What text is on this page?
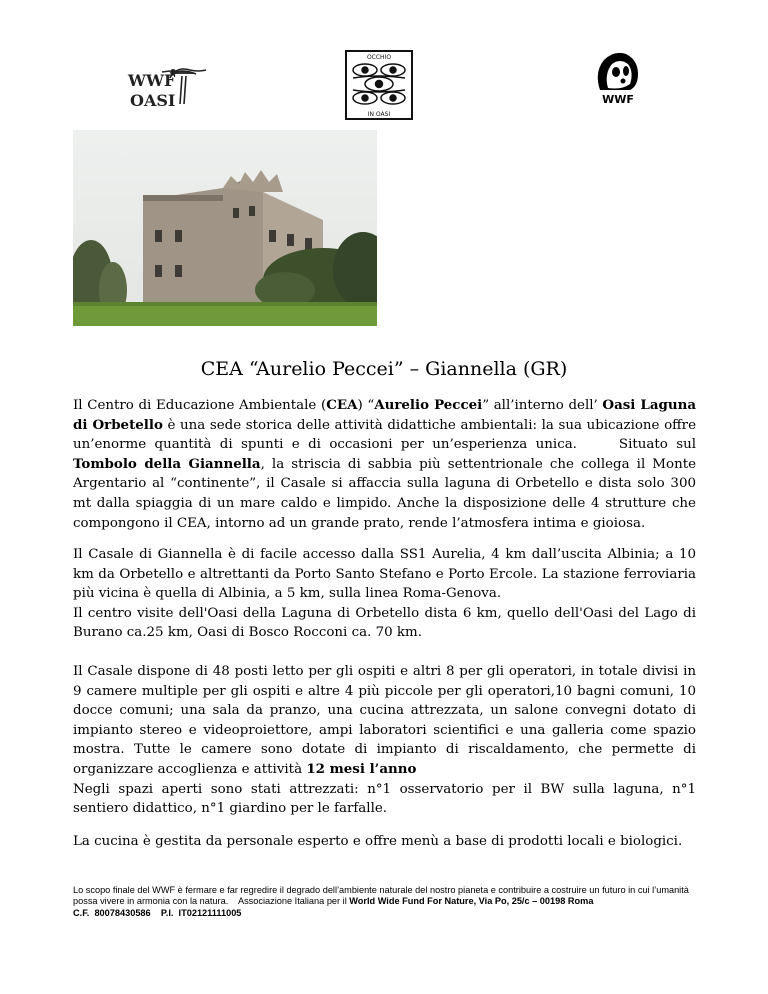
WWF
OASI
OCCHIO
IN OASI
WWF
CEA “Aurelio Peccei” – Giannella (GR)
Il Centro di Educazione Ambientale (CEA) “Aurelio Peccei” all’interno dell’ Oasi Laguna di Orbetello è una sede storica delle attività didattiche ambientali: la sua ubicazione offre un’enorme quantità di spunti e di occasioni per un’esperienza unica.     Situato sul Tombolo della Giannella, la striscia di sabbia più settentrionale che collega il Monte Argentario al “continente”, il Casale si affaccia sulla laguna di Orbetello e dista solo 300 mt dalla spiaggia di un mare caldo e limpido. Anche la disposizione delle 4 strutture che compongono il CEA, intorno ad un grande prato, rende l’atmosfera intima e gioiosa.
Il Casale di Giannella è di facile accesso dalla SS1 Aurelia, 4 km dall’uscita Albinia; a 10 km da Orbetello e altrettanti da Porto Santo Stefano e Porto Ercole. La stazione ferroviaria più vicina è quella di Albinia, a 5 km, sulla linea Roma-Genova.
Il centro visite dell'Oasi della Laguna di Orbetello dista 6 km, quello dell'Oasi del Lago di Burano ca.25 km, Oasi di Bosco Rocconi ca. 70 km.
Il Casale dispone di 48 posti letto per gli ospiti e altri 8 per gli operatori, in totale divisi in 9 camere multiple per gli ospiti e altre 4 più piccole per gli operatori,10 bagni comuni, 10 docce comuni; una sala da pranzo, una cucina attrezzata, un salone convegni dotato di impianto stereo e videoproiettore, ampi laboratori scientifici e una galleria come spazio mostra. Tutte le camere sono dotate di impianto di riscaldamento, che permette di organizzare accoglienza e attività 12 mesi l’anno
Negli spazi aperti sono stati attrezzati: n°1 osservatorio per il BW sulla laguna, n°1 sentiero didattico, n°1 giardino per le farfalle.
La cucina è gestita da personale esperto e offre menù a base di prodotti locali e biologici.
Lo scopo finale del WWF è fermare e far regredire il degrado dell’ambiente naturale del nostro pianeta e contribuire a costruire un futuro in cui l’umanità possa vivere in armonia con la natura.    Associazione Italiana per il World Wide Fund For Nature, Via Po, 25/c – 00198 Roma
C.F.  80078430586    P.I.  IT02121111005
